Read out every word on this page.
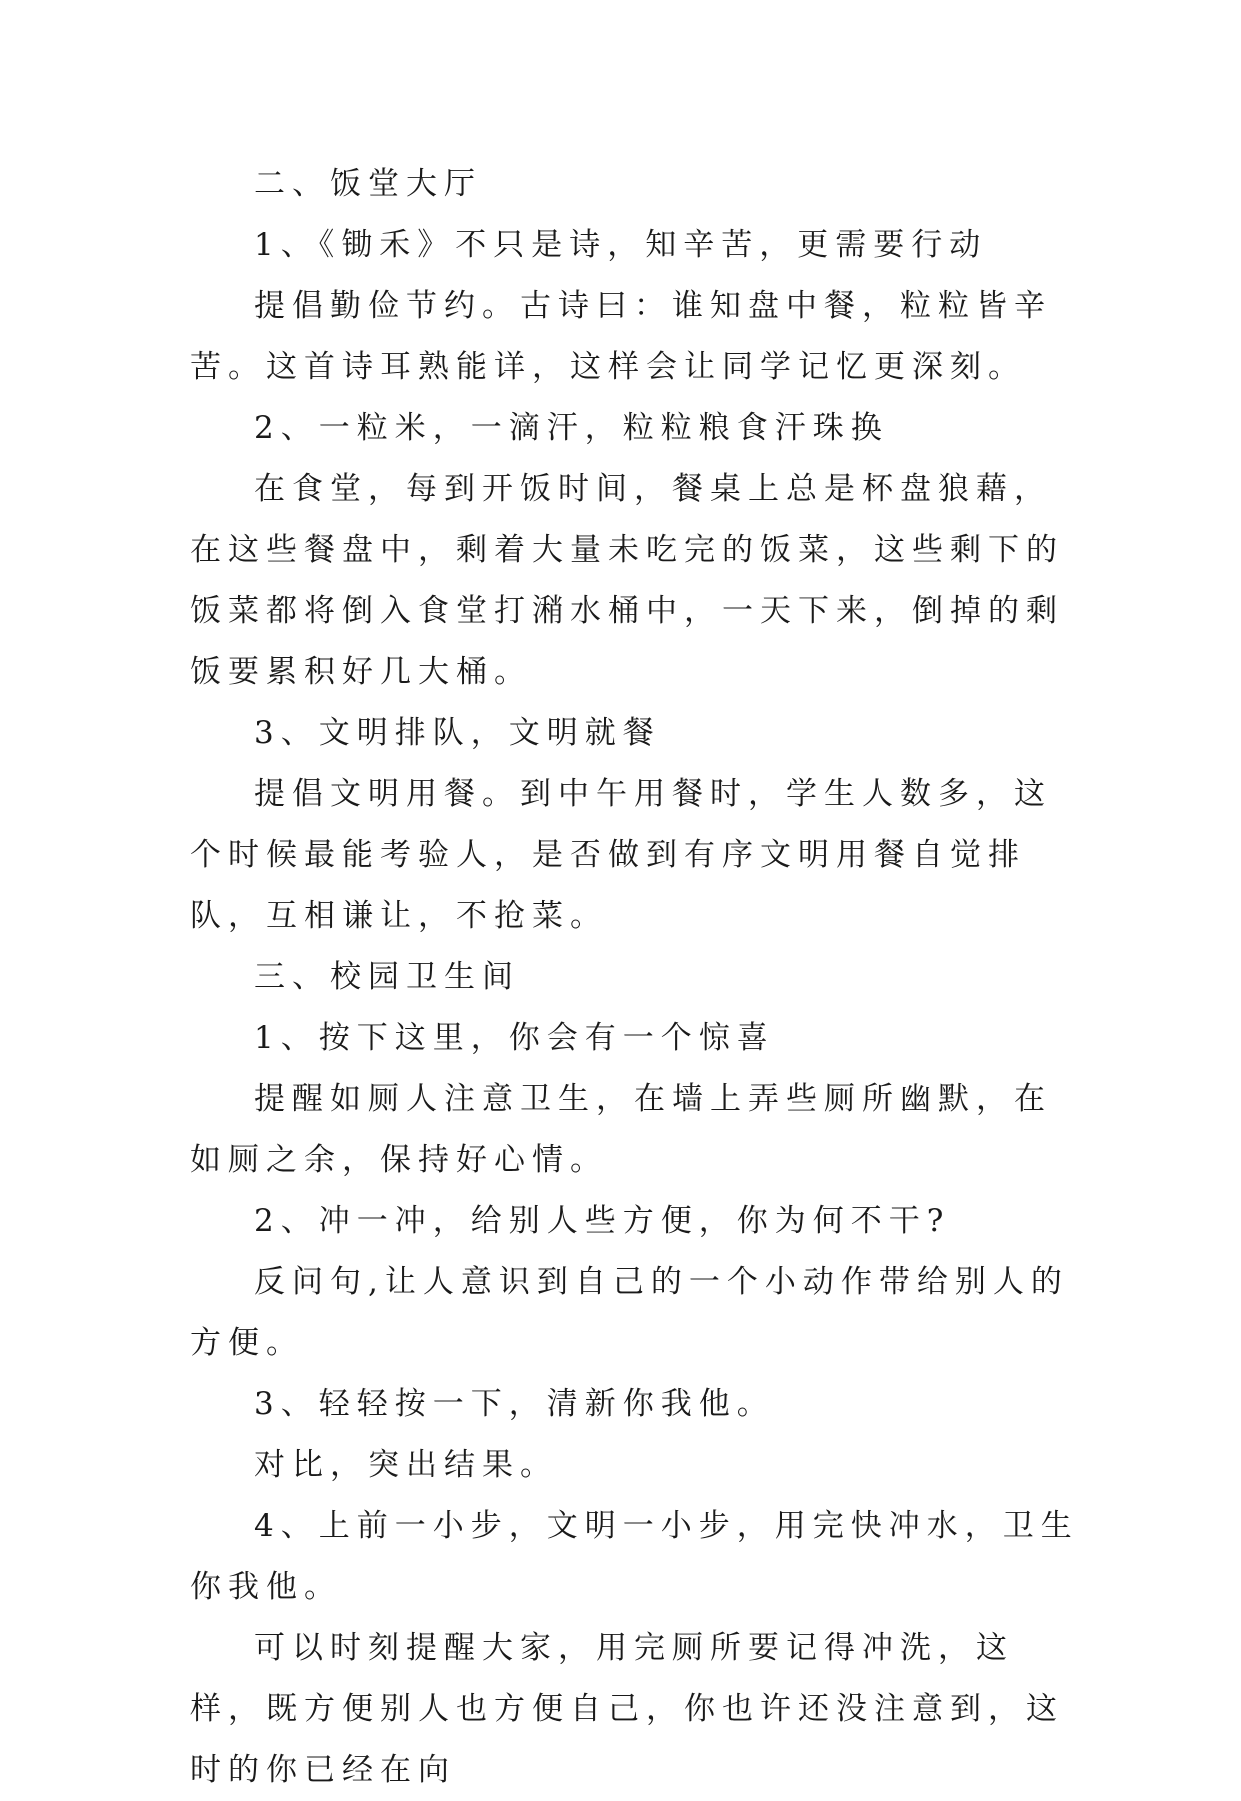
二、饭堂大厅

1、《锄禾》不只是诗，知辛苦，更需要行动

提倡勤俭节约。古诗曰：谁知盘中餐，粒粒皆辛苦。这首诗耳熟能详，这样会让同学记忆更深刻。

2、一粒米，一滴汗，粒粒粮食汗珠换

在食堂，每到开饭时间，餐桌上总是杯盘狼藉，在这些餐盘中，剩着大量未吃完的饭菜，这些剩下的饭菜都将倒入食堂打潲水桶中，一天下来，倒掉的剩饭要累积好几大桶。

3、文明排队，文明就餐

提倡文明用餐。到中午用餐时，学生人数多，这个时候最能考验人，是否做到有序文明用餐自觉排队，互相谦让，不抢菜。

三、校园卫生间

1、按下这里，你会有一个惊喜

提醒如厕人注意卫生，在墙上弄些厕所幽默，在如厕之余，保持好心情。

2、冲一冲，给别人些方便，你为何不干?

反问句,让人意识到自己的一个小动作带给别人的方便。

3、轻轻按一下，清新你我他。

对比，突出结果。

4、上前一小步，文明一小步，用完快冲水，卫生你我他。

可以时刻提醒大家，用完厕所要记得冲洗，这样，既方便别人也方便自己，你也许还没注意到，这时的你已经在向
